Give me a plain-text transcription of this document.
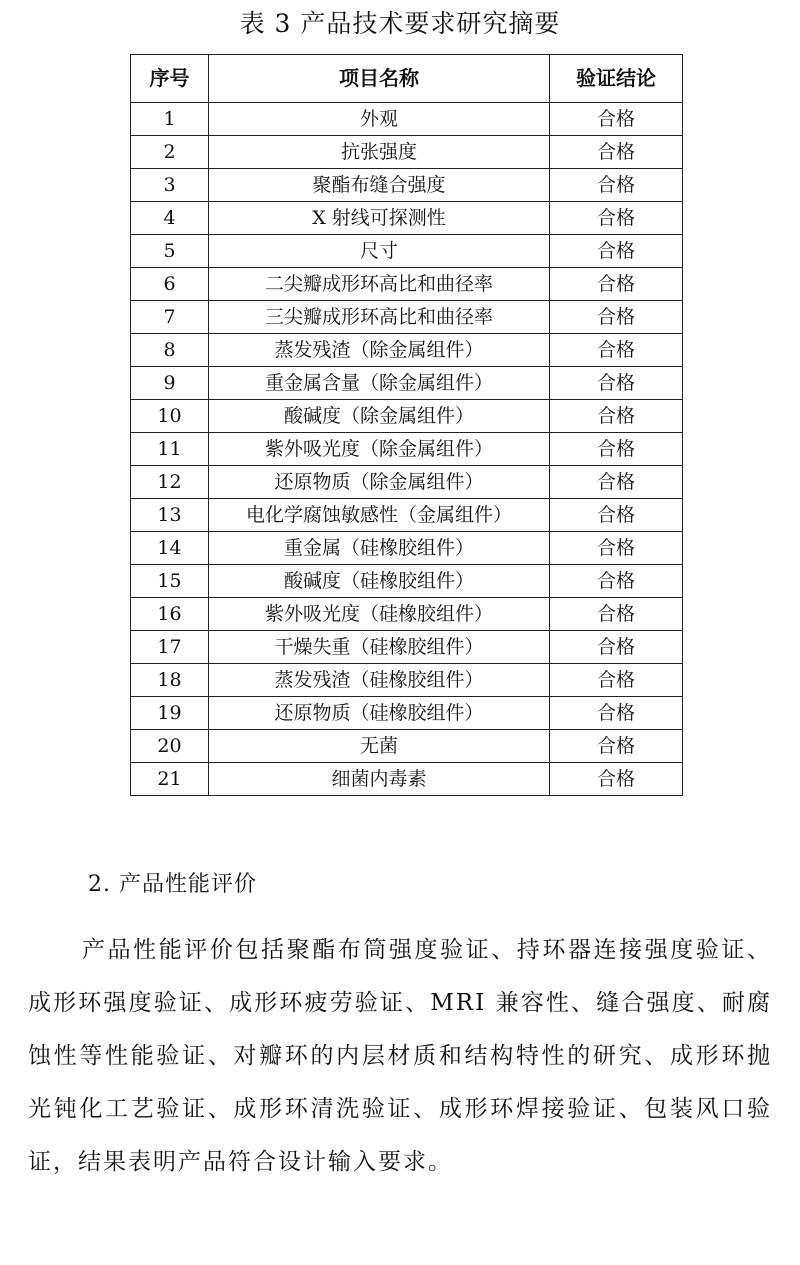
表 3 产品技术要求研究摘要
序号	项目名称	验证结论
1	外观	合格
2	抗张强度	合格
3	聚酯布缝合强度	合格
4	X 射线可探测性	合格
5	尺寸	合格
6	二尖瓣成形环高比和曲径率	合格
7	三尖瓣成形环高比和曲径率	合格
8	蒸发残渣（除金属组件）	合格
9	重金属含量（除金属组件）	合格
10	酸碱度（除金属组件）	合格
11	紫外吸光度（除金属组件）	合格
12	还原物质（除金属组件）	合格
13	电化学腐蚀敏感性（金属组件）	合格
14	重金属（硅橡胶组件）	合格
15	酸碱度（硅橡胶组件）	合格
16	紫外吸光度（硅橡胶组件）	合格
17	干燥失重（硅橡胶组件）	合格
18	蒸发残渣（硅橡胶组件）	合格
19	还原物质（硅橡胶组件）	合格
20	无菌	合格
21	细菌内毒素	合格
2. 产品性能评价

产品性能评价包括聚酯布筒强度验证、持环器连接强度验证、成形环强度验证、成形环疲劳验证、MRI 兼容性、缝合强度、耐腐蚀性等性能验证、对瓣环的内层材质和结构特性的研究、成形环抛光钝化工艺验证、成形环清洗验证、成形环焊接验证、包装风口验证，结果表明产品符合设计输入要求。
